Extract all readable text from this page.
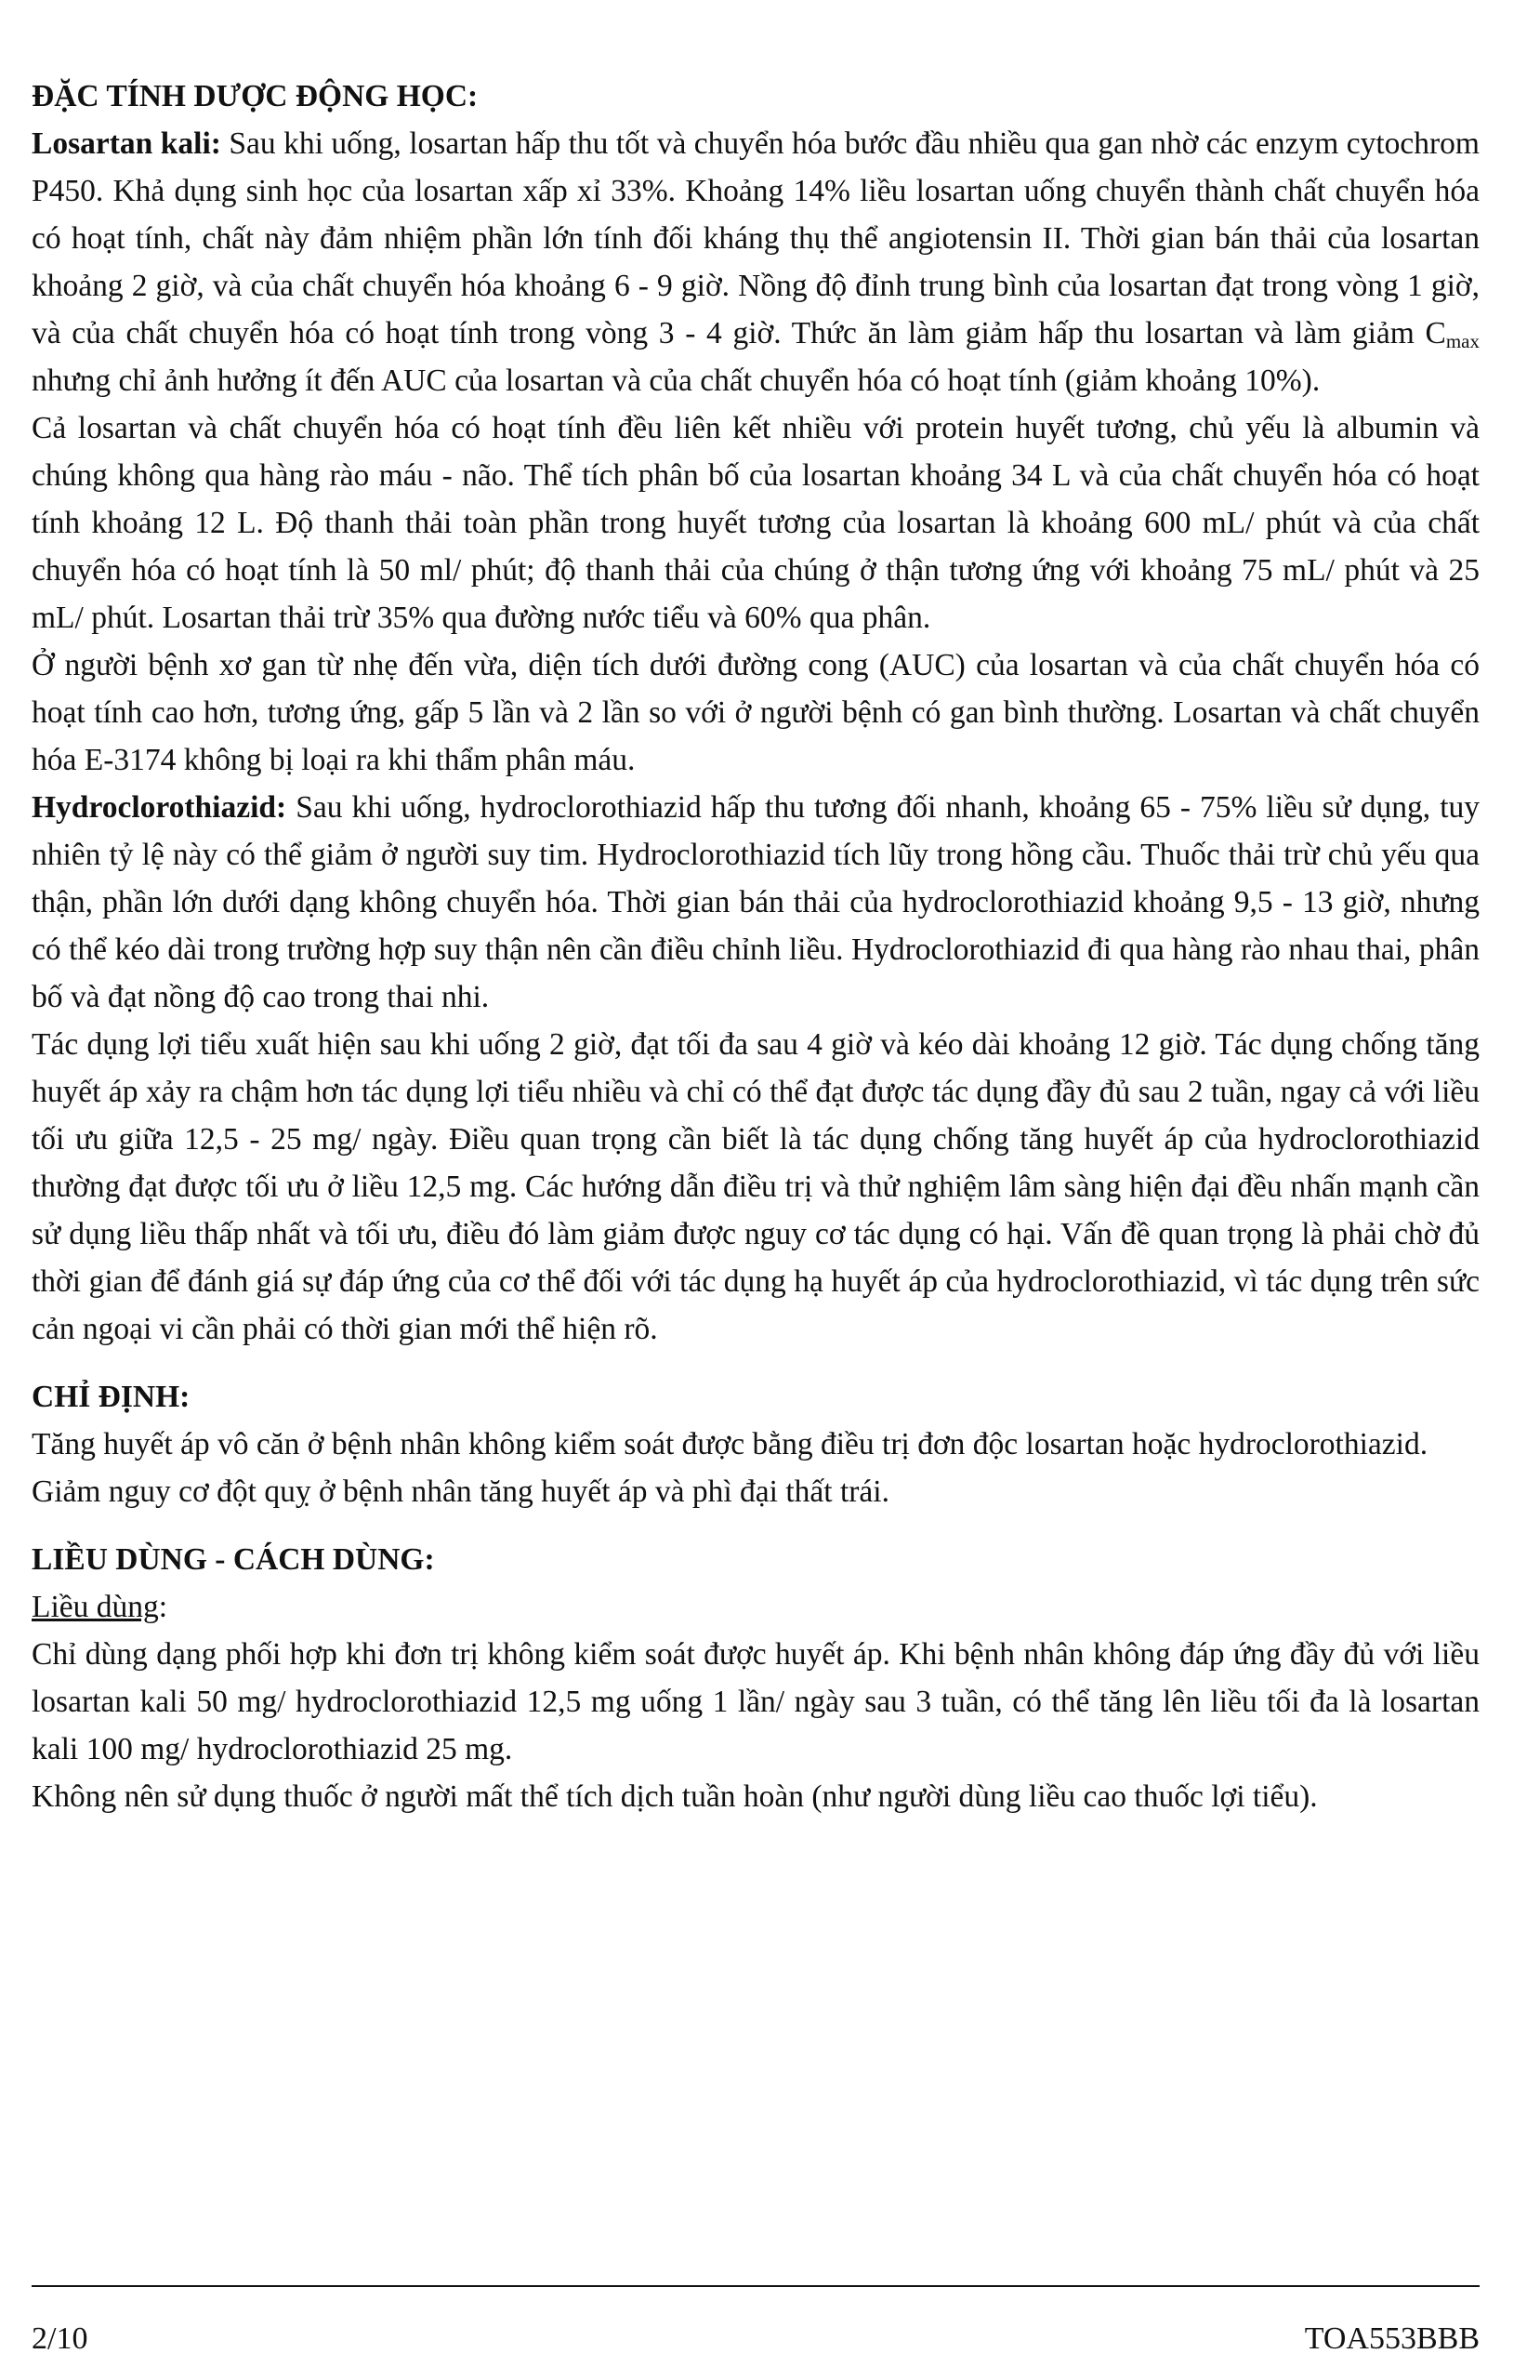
ĐẶC TÍNH DƯỢC ĐỘNG HỌC:

Losartan kali: Sau khi uống, losartan hấp thu tốt và chuyển hóa bước đầu nhiều qua gan nhờ các enzym cytochrom P450. Khả dụng sinh học của losartan xấp xỉ 33%. Khoảng 14% liều losartan uống chuyển thành chất chuyển hóa có hoạt tính, chất này đảm nhiệm phần lớn tính đối kháng thụ thể angiotensin II. Thời gian bán thải của losartan khoảng 2 giờ, và của chất chuyển hóa khoảng 6 - 9 giờ. Nồng độ đỉnh trung bình của losartan đạt trong vòng 1 giờ, và của chất chuyển hóa có hoạt tính trong vòng 3 - 4 giờ. Thức ăn làm giảm hấp thu losartan và làm giảm $C_{max}$ nhưng chỉ ảnh hưởng ít đến AUC của losartan và của chất chuyển hóa có hoạt tính (giảm khoảng 10%).

Cả losartan và chất chuyển hóa có hoạt tính đều liên kết nhiều với protein huyết tương, chủ yếu là albumin và chúng không qua hàng rào máu - não. Thể tích phân bố của losartan khoảng 34 L và của chất chuyển hóa có hoạt tính khoảng 12 L. Độ thanh thải toàn phần trong huyết tương của losartan là khoảng 600 mL/ phút và của chất chuyển hóa có hoạt tính là 50 ml/ phút; độ thanh thải của chúng ở thận tương ứng với khoảng 75 mL/ phút và 25 mL/ phút. Losartan thải trừ 35% qua đường nước tiểu và 60% qua phân.

Ở người bệnh xơ gan từ nhẹ đến vừa, diện tích dưới đường cong (AUC) của losartan và của chất chuyển hóa có hoạt tính cao hơn, tương ứng, gấp 5 lần và 2 lần so với ở người bệnh có gan bình thường. Losartan và chất chuyển hóa E-3174 không bị loại ra khi thẩm phân máu.

Hydroclorothiazid: Sau khi uống, hydroclorothiazid hấp thu tương đối nhanh, khoảng 65 - 75% liều sử dụng, tuy nhiên tỷ lệ này có thể giảm ở người suy tim. Hydroclorothiazid tích lũy trong hồng cầu. Thuốc thải trừ chủ yếu qua thận, phần lớn dưới dạng không chuyển hóa. Thời gian bán thải của hydroclorothiazid khoảng 9,5 - 13 giờ, nhưng có thể kéo dài trong trường hợp suy thận nên cần điều chỉnh liều. Hydroclorothiazid đi qua hàng rào nhau thai, phân bố và đạt nồng độ cao trong thai nhi.

Tác dụng lợi tiểu xuất hiện sau khi uống 2 giờ, đạt tối đa sau 4 giờ và kéo dài khoảng 12 giờ. Tác dụng chống tăng huyết áp xảy ra chậm hơn tác dụng lợi tiểu nhiều và chỉ có thể đạt được tác dụng đầy đủ sau 2 tuần, ngay cả với liều tối ưu giữa 12,5 - 25 mg/ ngày. Điều quan trọng cần biết là tác dụng chống tăng huyết áp của hydroclorothiazid thường đạt được tối ưu ở liều 12,5 mg. Các hướng dẫn điều trị và thử nghiệm lâm sàng hiện đại đều nhấn mạnh cần sử dụng liều thấp nhất và tối ưu, điều đó làm giảm được nguy cơ tác dụng có hại. Vấn đề quan trọng là phải chờ đủ thời gian để đánh giá sự đáp ứng của cơ thể đối với tác dụng hạ huyết áp của hydroclorothiazid, vì tác dụng trên sức cản ngoại vi cần phải có thời gian mới thể hiện rõ.

CHỈ ĐỊNH:

Tăng huyết áp vô căn ở bệnh nhân không kiểm soát được bằng điều trị đơn độc losartan hoặc hydroclorothiazid.

Giảm nguy cơ đột quỵ ở bệnh nhân tăng huyết áp và phì đại thất trái.

LIỀU DÙNG - CÁCH DÙNG:

Liều dùng:

Chỉ dùng dạng phối hợp khi đơn trị không kiểm soát được huyết áp. Khi bệnh nhân không đáp ứng đầy đủ với liều losartan kali 50 mg/ hydroclorothiazid 12,5 mg uống 1 lần/ ngày sau 3 tuần, có thể tăng lên liều tối đa là losartan kali 100 mg/ hydroclorothiazid 25 mg.

Không nên sử dụng thuốc ở người mất thể tích dịch tuần hoàn (như người dùng liều cao thuốc lợi tiểu).

2/10	TOA553BBB
